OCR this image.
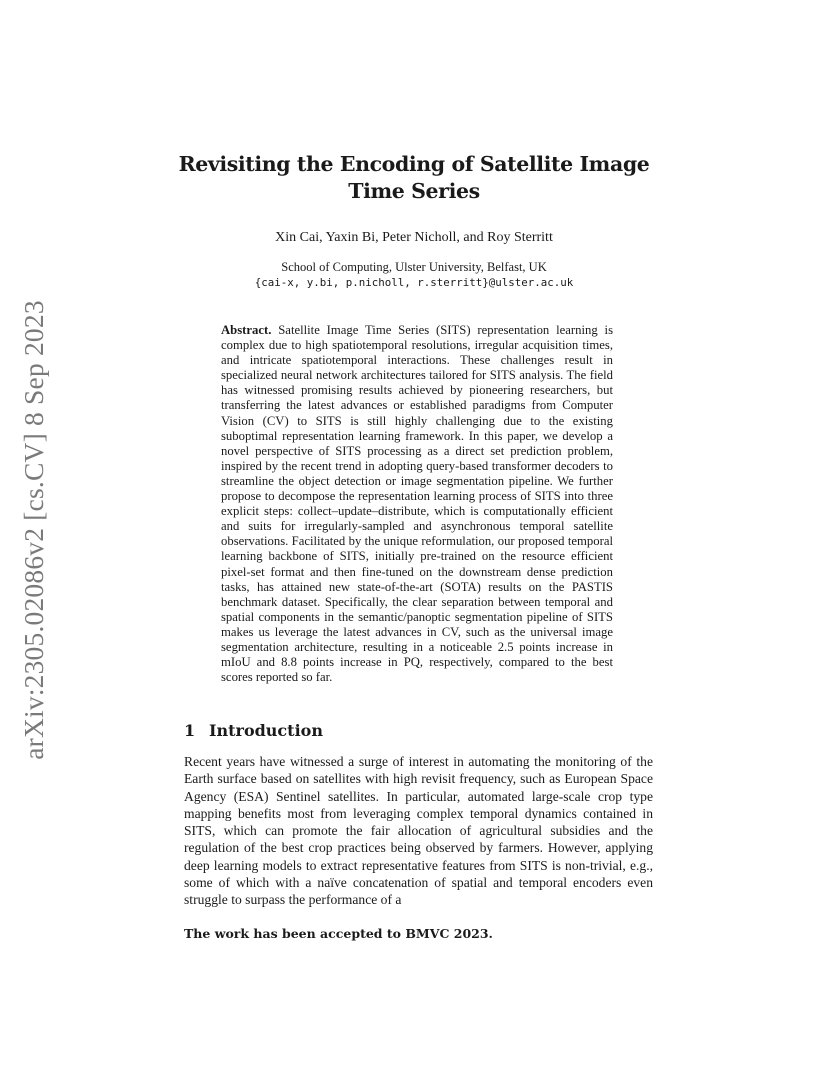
arXiv:2305.02086v2 [cs.CV] 8 Sep 2023
Revisiting the Encoding of Satellite Image Time Series
Xin Cai, Yaxin Bi, Peter Nicholl, and Roy Sterritt
School of Computing, Ulster University, Belfast, UK
{cai-x, y.bi, p.nicholl, r.sterritt}@ulster.ac.uk
Abstract. Satellite Image Time Series (SITS) representation learning is complex due to high spatiotemporal resolutions, irregular acquisition times, and intricate spatiotemporal interactions. These challenges result in specialized neural network architectures tailored for SITS analysis. The field has witnessed promising results achieved by pioneering researchers, but transferring the latest advances or established paradigms from Computer Vision (CV) to SITS is still highly challenging due to the existing suboptimal representation learning framework. In this paper, we develop a novel perspective of SITS processing as a direct set prediction problem, inspired by the recent trend in adopting query-based transformer decoders to streamline the object detection or image segmentation pipeline. We further propose to decompose the representation learning process of SITS into three explicit steps: collect–update–distribute, which is computationally efficient and suits for irregularly-sampled and asynchronous temporal satellite observations. Facilitated by the unique reformulation, our proposed temporal learning backbone of SITS, initially pre-trained on the resource efficient pixel-set format and then fine-tuned on the downstream dense prediction tasks, has attained new state-of-the-art (SOTA) results on the PASTIS benchmark dataset. Specifically, the clear separation between temporal and spatial components in the semantic/panoptic segmentation pipeline of SITS makes us leverage the latest advances in CV, such as the universal image segmentation architecture, resulting in a noticeable 2.5 points increase in mIoU and 8.8 points increase in PQ, respectively, compared to the best scores reported so far.
1 Introduction
Recent years have witnessed a surge of interest in automating the monitoring of the Earth surface based on satellites with high revisit frequency, such as European Space Agency (ESA) Sentinel satellites. In particular, automated large-scale crop type mapping benefits most from leveraging complex temporal dynamics contained in SITS, which can promote the fair allocation of agricultural subsidies and the regulation of the best crop practices being observed by farmers. However, applying deep learning models to extract representative features from SITS is non-trivial, e.g., some of which with a naïve concatenation of spatial and temporal encoders even struggle to surpass the performance of a
The work has been accepted to BMVC 2023.
